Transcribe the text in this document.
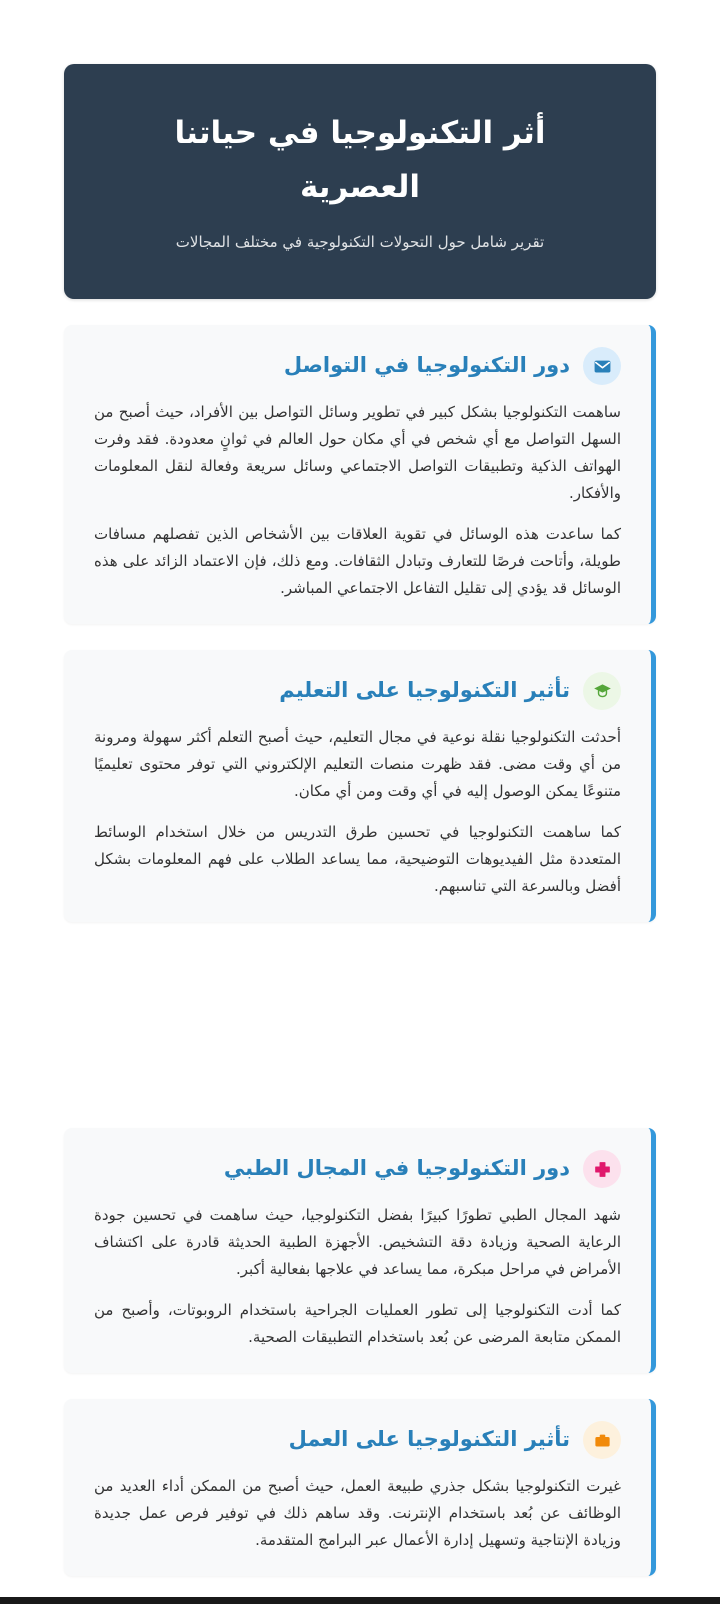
أثر التكنولوجيا في حياتنا العصرية
تقرير شامل حول التحولات التكنولوجية في مختلف المجالات
دور التكنولوجيا في التواصل

ساهمت التكنولوجيا بشكل كبير في تطوير وسائل التواصل بين الأفراد، حيث أصبح من السهل التواصل مع أي شخص في أي مكان حول العالم في ثوانٍ معدودة. فقد وفرت الهواتف الذكية وتطبيقات التواصل الاجتماعي وسائل سريعة وفعالة لنقل المعلومات والأفكار.

كما ساعدت هذه الوسائل في تقوية العلاقات بين الأشخاص الذين تفصلهم مسافات طويلة، وأتاحت فرصًا للتعارف وتبادل الثقافات. ومع ذلك، فإن الاعتماد الزائد على هذه الوسائل قد يؤدي إلى تقليل التفاعل الاجتماعي المباشر.

تأثير التكنولوجيا على التعليم

أحدثت التكنولوجيا نقلة نوعية في مجال التعليم، حيث أصبح التعلم أكثر سهولة ومرونة من أي وقت مضى. فقد ظهرت منصات التعليم الإلكتروني التي توفر محتوى تعليميًا متنوعًا يمكن الوصول إليه في أي وقت ومن أي مكان.

كما ساهمت التكنولوجيا في تحسين طرق التدريس من خلال استخدام الوسائط المتعددة مثل الفيديوهات التوضيحية، مما يساعد الطلاب على فهم المعلومات بشكل أفضل وبالسرعة التي تناسبهم.

دور التكنولوجيا في المجال الطبي

شهد المجال الطبي تطورًا كبيرًا بفضل التكنولوجيا، حيث ساهمت في تحسين جودة الرعاية الصحية وزيادة دقة التشخيص. الأجهزة الطبية الحديثة قادرة على اكتشاف الأمراض في مراحل مبكرة، مما يساعد في علاجها بفعالية أكبر.

كما أدت التكنولوجيا إلى تطور العمليات الجراحية باستخدام الروبوتات، وأصبح من الممكن متابعة المرضى عن بُعد باستخدام التطبيقات الصحية.

تأثير التكنولوجيا على العمل

غيرت التكنولوجيا بشكل جذري طبيعة العمل، حيث أصبح من الممكن أداء العديد من الوظائف عن بُعد باستخدام الإنترنت. وقد ساهم ذلك في توفير فرص عمل جديدة وزيادة الإنتاجية وتسهيل إدارة الأعمال عبر البرامج المتقدمة.
